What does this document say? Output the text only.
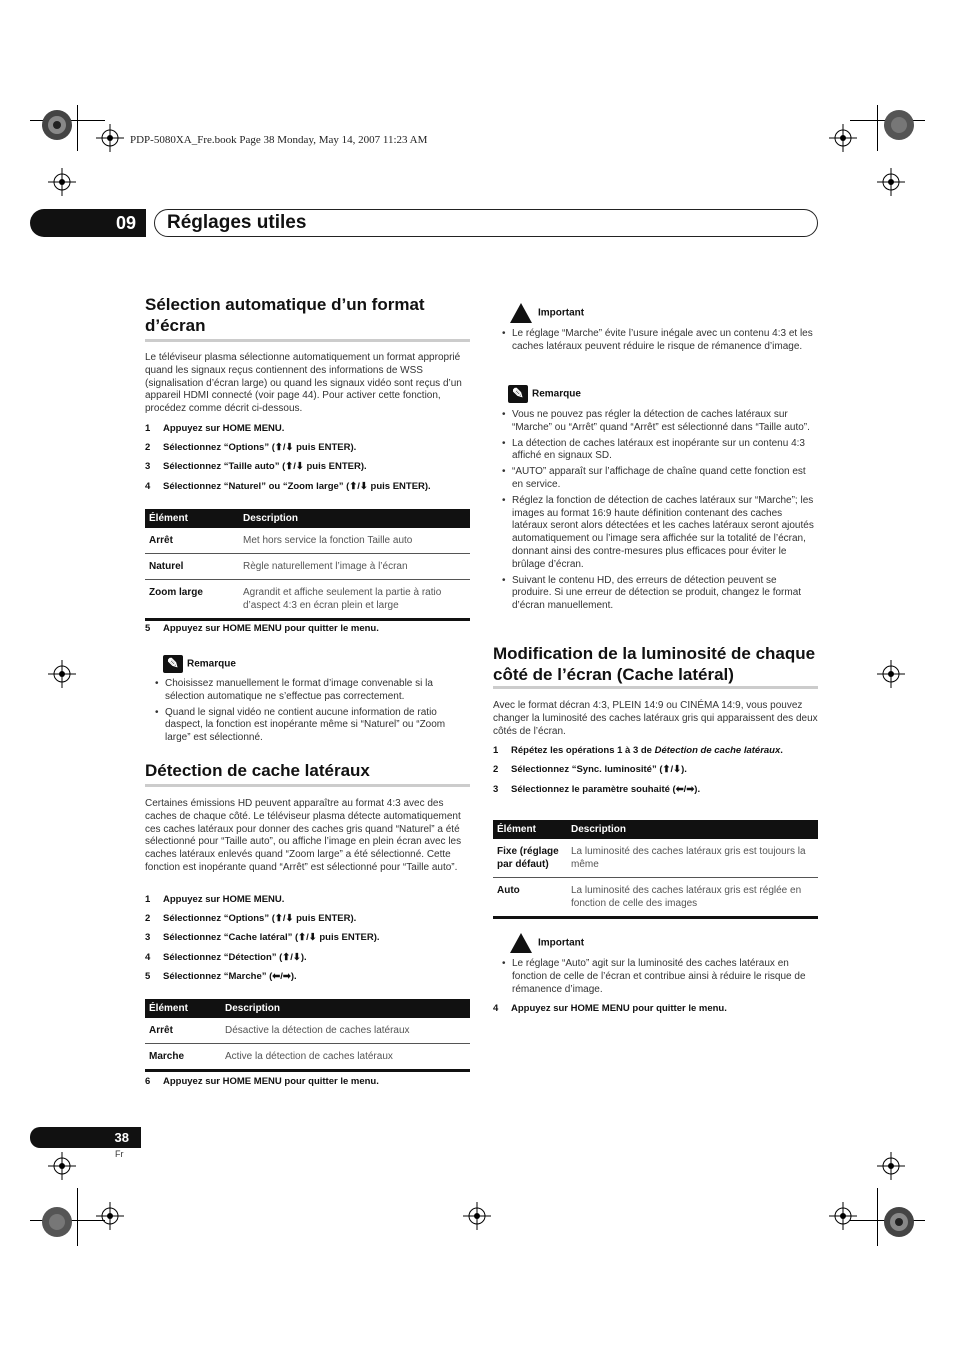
PDP-5080XA_Fre.book Page 38 Monday, May 14, 2007 11:23 AM
09	Réglages utiles
Sélection automatique d’un format d’écran
Le téléviseur plasma sélectionne automatiquement un format approprié quand les signaux reçus contiennent des informations de WSS (signalisation d’écran large) ou quand les signaux vidéo sont reçus d’un appareil HDMI connecté (voir page 44). Pour activer cette fonction, procédez comme décrit ci-dessous.
1 Appuyez sur HOME MENU.
2 Sélectionnez “Options” (⬆/⬇ puis ENTER).
3 Sélectionnez “Taille auto” (⬆/⬇ puis ENTER).
4 Sélectionnez “Naturel” ou “Zoom large” (⬆/⬇ puis ENTER).
Élément	Description
Arrêt	Met hors service la fonction Taille auto
Naturel	Règle naturellement l’image à l’écran
Zoom large	Agrandit et affiche seulement la partie à ratio d’aspect 4:3 en écran plein et large
5 Appuyez sur HOME MENU pour quitter le menu.
✎Remarque
• Choisissez manuellement le format d’image convenable si la sélection automatique ne s’effectue pas correctement.
• Quand le signal vidéo ne contient aucune information de ratio daspect, la fonction est inopérante même si “Naturel” ou “Zoom large” est sélectionné.
Détection de cache latéraux
Certaines émissions HD peuvent apparaître au format 4:3 avec des caches de chaque côté. Le téléviseur plasma détecte automatiquement ces caches latéraux pour donner des caches gris quand “Naturel” a été sélectionné pour “Taille auto”, ou affiche l’image en plein écran avec les caches latéraux enlevés quand “Zoom large” a été sélectionné. Cette fonction est inopérante quand “Arrêt” est sélectionné pour “Taille auto”.
1 Appuyez sur HOME MENU.
2 Sélectionnez “Options” (⬆/⬇ puis ENTER).
3 Sélectionnez “Cache latéral” (⬆/⬇ puis ENTER).
4 Sélectionnez “Détection” (⬆/⬇).
5 Sélectionnez “Marche” (⬅/➡).
Élément	Description
Arrêt	Désactive la détection de caches latéraux
Marche	Active la détection de caches latéraux
6 Appuyez sur HOME MENU pour quitter le menu.
Important
• Le réglage “Marche” évite l’usure inégale avec un contenu 4:3 et les caches latéraux peuvent réduire le risque de rémanence d’image.
✎Remarque
• Vous ne pouvez pas régler la détection de caches latéraux sur “Marche” ou “Arrêt” quand “Arrêt” est sélectionné dans “Taille auto”.
• La détection de caches latéraux est inopérante sur un contenu 4:3 affiché en signaux SD.
• “AUTO” apparaît sur l’affichage de chaîne quand cette fonction est en service.
• Réglez la fonction de détection de caches latéraux sur “Marche”; les images au format 16:9 haute définition contenant des caches latéraux seront alors détectées et les caches latéraux seront ajoutés automatiquement ou l’image sera affichée sur la totalité de l’écran, donnant ainsi des contre-mesures plus efficaces pour éviter le brûlage d’écran.
• Suivant le contenu HD, des erreurs de détection peuvent se produire. Si une erreur de détection se produit, changez le format d’écran manuellement.
Modification de la luminosité de chaque côté de l’écran (Cache latéral)
Avec le format décran 4:3, PLEIN 14:9 ou CINÉMA 14:9, vous pouvez changer la luminosité des caches latéraux gris qui apparaissent des deux côtés de l’écran.
1 Répétez les opérations 1 à 3 de Détection de cache latéraux.
2 Sélectionnez “Sync. luminosité” (⬆/⬇).
3 Sélectionnez le paramètre souhaité (⬅/➡).
Élément	Description
Fixe (réglage par défaut)	La luminosité des caches latéraux gris est toujours la même
Auto	La luminosité des caches latéraux gris est réglée en fonction de celle des images
Important
• Le réglage “Auto” agit sur la luminosité des caches latéraux en fonction de celle de l’écran et contribue ainsi à réduire le risque de rémanence d’image.
4 Appuyez sur HOME MENU pour quitter le menu.
38
Fr
